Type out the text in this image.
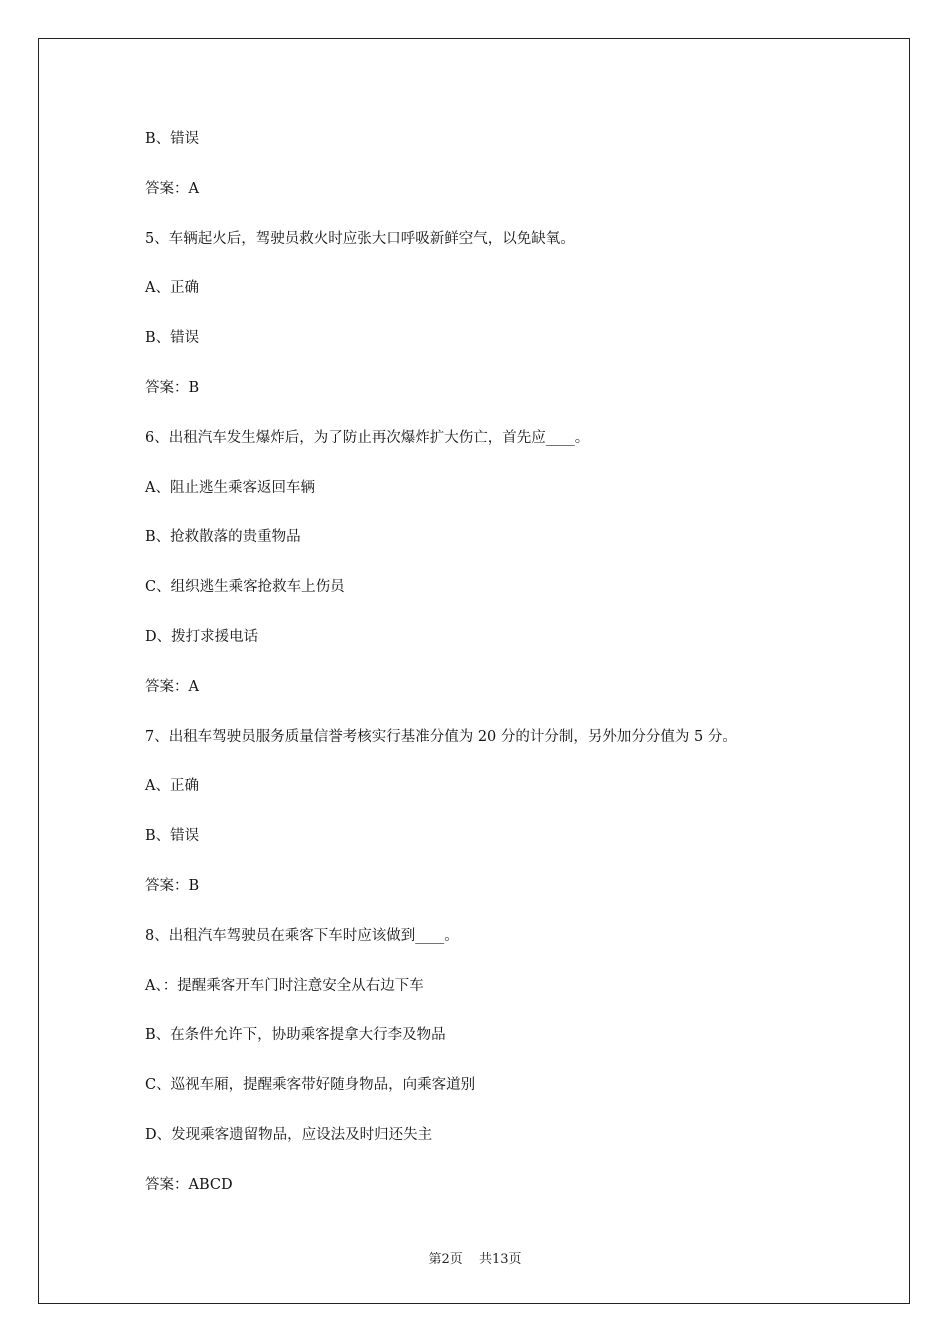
B、错误
答案：A
5、车辆起火后，驾驶员救火时应张大口呼吸新鲜空气，以免缺氧。
A、正确
B、错误
答案：B
6、出租汽车发生爆炸后，为了防止再次爆炸扩大伤亡，首先应____。
A、阻止逃生乘客返回车辆
B、抢救散落的贵重物品
C、组织逃生乘客抢救车上伤员
D、拨打求援电话
答案：A
7、出租车驾驶员服务质量信誉考核实行基准分值为 20 分的计分制，另外加分分值为 5 分。
A、正确
B、错误
答案：B
8、出租汽车驾驶员在乘客下车时应该做到____。
A、：提醒乘客开车门时注意安全从右边下车
B、在条件允许下，协助乘客提拿大行李及物品
C、巡视车厢，提醒乘客带好随身物品，向乘客道别
D、发现乘客遗留物品，应设法及时归还失主
答案：ABCD
第2页 共13页
